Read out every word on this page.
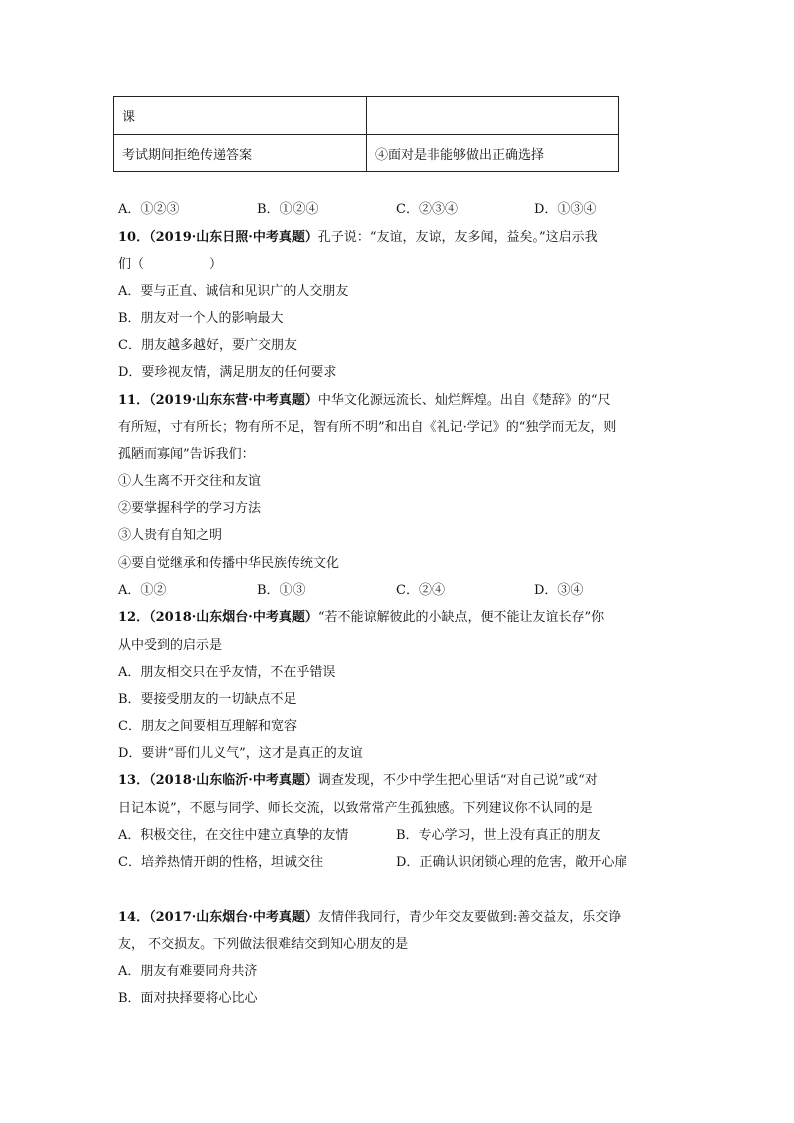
课	
考试期间拒绝传递答案	④面对是非能够做出正确选择
A．①②③	B．①②④	C．②③④	D．①③④
10．（2019·山东日照·中考真题）孔子说：“友谊，友谅，友多闻，益矣。”这启示我
们（　　　　　）
A．要与正直、诚信和见识广的人交朋友
B．朋友对一个人的影响最大
C．朋友越多越好，要广交朋友
D．要珍视友情，满足朋友的任何要求
11．（2019·山东东营·中考真题）中华文化源远流长、灿烂辉煌。出自《楚辞》的“尺
有所短，寸有所长；物有所不足，智有所不明”和出自《礼记·学记》的“独学而无友，则
孤陋而寡闻”告诉我们：
①人生离不开交往和友谊
②要掌握科学的学习方法
③人贵有自知之明
④要自觉继承和传播中华民族传统文化
A．①②	B．①③	C．②④	D．③④
12．（2018·山东烟台·中考真题）“若不能谅解彼此的小缺点，便不能让友谊长存”你
从中受到的启示是
A．朋友相交只在乎友情，不在乎错误
B．要接受朋友的一切缺点不足
C．朋友之间要相互理解和宽容
D．要讲“哥们儿义气”，这才是真正的友谊
13．（2018·山东临沂·中考真题）调查发现，不少中学生把心里话“对自己说”或“对
日记本说”，不愿与同学、师长交流，以致常常产生孤独感。下列建议你不认同的是
A．积极交往，在交往中建立真挚的友情	B．专心学习，世上没有真正的朋友
C．培养热情开朗的性格，坦诚交往	D．正确认识闭锁心理的危害，敞开心扉
14．（2017·山东烟台·中考真题）友情伴我同行，青少年交友要做到:善交益友，乐交诤
友， 不交损友。下列做法很难结交到知心朋友的是
A．朋友有难要同舟共济
B．面对抉择要将心比心
